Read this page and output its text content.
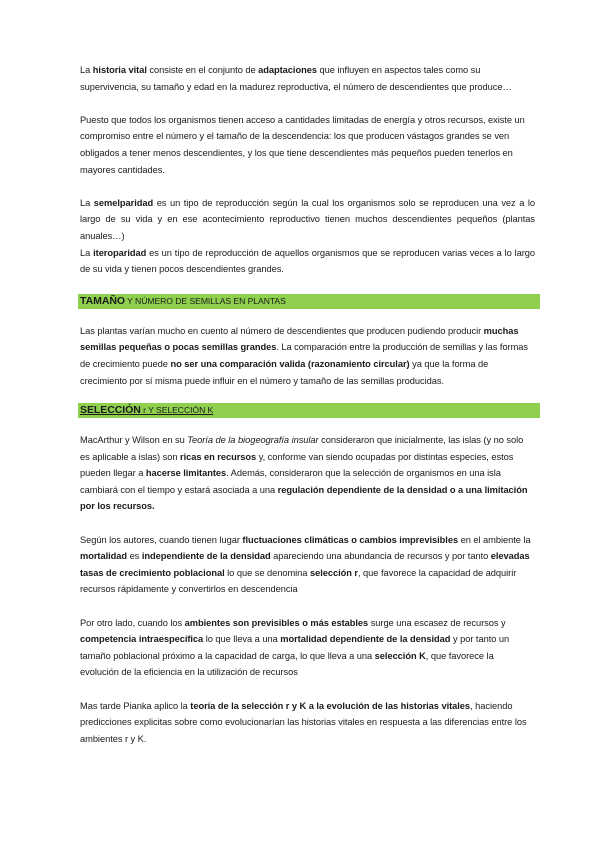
La historia vital consiste en el conjunto de adaptaciones que influyen en aspectos tales como su supervivencia, su tamaño y edad en la madurez reproductiva, el número de descendientes que produce…

Puesto que todos los organismos tienen acceso a cantidades limitadas de energía y otros recursos, existe un compromiso entre el número y el tamaño de la descendencia: los que producen vástagos grandes se ven obligados a tener menos descendientes, y los que tiene descendientes más pequeños pueden tenerlos en mayores cantidades.

La semelparidad es un tipo de reproducción según la cual los organismos solo se reproducen una vez a lo largo de su vida y en ese acontecimiento reproductivo tienen muchos descendientes pequeños (plantas anuales…)

La iteroparidad es un tipo de reproducción de aquellos organismos que se reproducen varias veces a lo largo de su vida y tienen pocos descendientes grandes.

TAMAÑO Y NÚMERO DE SEMILLAS EN PLANTAS

Las plantas varían mucho en cuento al número de descendientes que producen pudiendo producir muchas semillas pequeñas o pocas semillas grandes. La comparación entre la producción de semillas y las formas de crecimiento puede no ser una comparación valida (razonamiento circular) ya que la forma de crecimiento por sí misma puede influir en el número y tamaño de las semillas producidas.

SELECCIÓN r Y SELECCIÓN K

MacArthur y Wilson en su Teoría de la biogeografía insular consideraron que inicialmente, las islas (y no solo es aplicable a islas) son ricas en recursos y, conforme van siendo ocupadas por distintas especies, estos pueden llegar a hacerse limitantes. Además, consideraron que la selección de organismos en una isla cambiará con el tiempo y estará asociada a una regulación dependiente de la densidad o a una limitación por los recursos.

Según los autores, cuando tienen lugar fluctuaciones climáticas o cambios imprevisibles en el ambiente la mortalidad es independiente de la densidad apareciendo una abundancia de recursos y por tanto elevadas tasas de crecimiento poblacional lo que se denomina selección r, que favorece la capacidad de adquirir recursos rápidamente y convertirlos en descendencia

Por otro lado, cuando los ambientes son previsibles o más estables surge una escasez de recursos y competencia intraespecífica lo que lleva a una mortalidad dependiente de la densidad y por tanto un tamaño poblacional próximo a la capacidad de carga, lo que lleva a una selección K, que favorece la evolución de la eficiencia en la utilización de recursos

Mas tarde Pianka aplico la teoría de la selección r y K a la evolución de las historias vitales, haciendo predicciones explicitas sobre como evolucionarían las historias vitales en respuesta a las diferencias entre los ambientes r y K.
